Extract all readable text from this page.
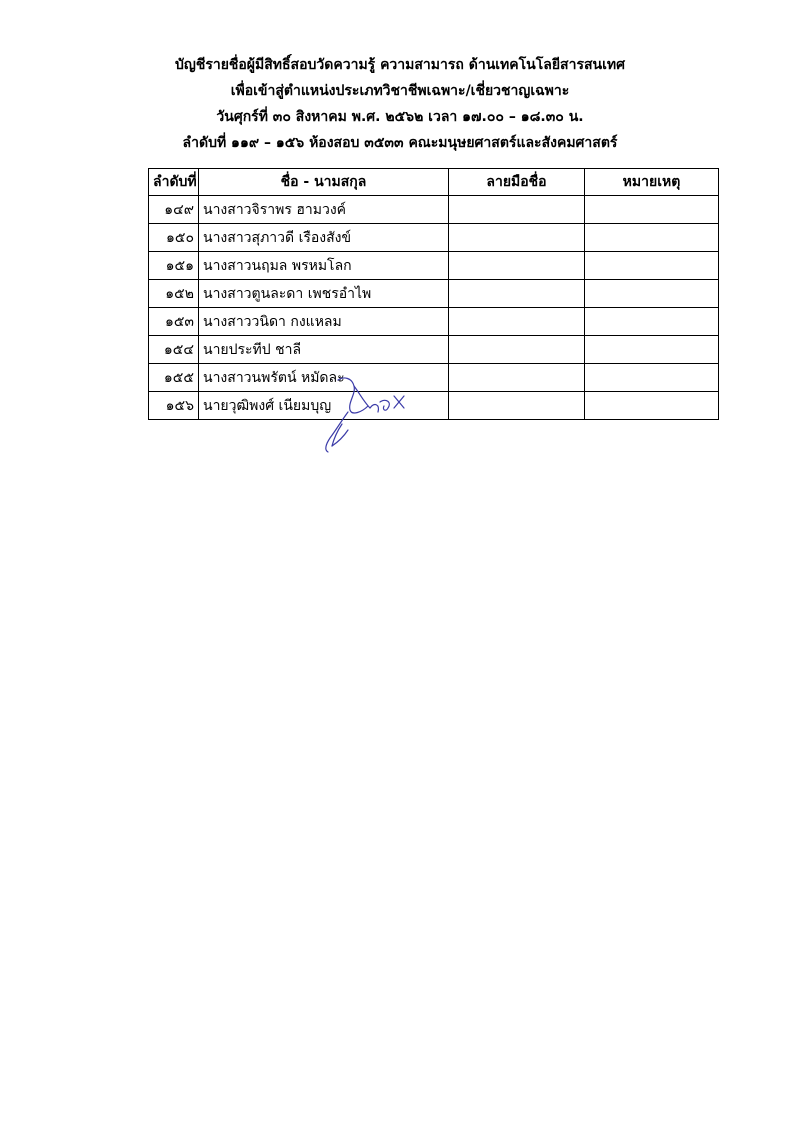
บัญชีรายชื่อผู้มีสิทธิ์สอบวัดความรู้ ความสามารถ ด้านเทคโนโลยีสารสนเทศ
เพื่อเข้าสู่ตำแหน่งประเภทวิชาชีพเฉพาะ/เชี่ยวชาญเฉพาะ
วันศุกร์ที่ ๓๐ สิงหาคม พ.ศ. ๒๕๖๒ เวลา ๑๗.๐๐ – ๑๘.๓๐ น.
ลำดับที่ ๑๑๙ – ๑๕๖ ห้องสอบ ๓๕๓๓ คณะมนุษยศาสตร์และสังคมศาสตร์
ลำดับที่	ชื่อ - นามสกุล	ลายมือชื่อ	หมายเหตุ
๑๔๙	นางสาวจิราพร ฮามวงค์		
๑๕๐	นางสาวสุภาวดี เรืองสังข์		
๑๕๑	นางสาวนฤมล พรหมโลก		
๑๕๒	นางสาวตูนละดา เพชรอำไพ		
๑๕๓	นางสาววนิดา กงแหลม		
๑๕๔	นายประทีป ชาลี		
๑๕๕	นางสาวนพรัตน์ หมัดละ		
๑๕๖	นายวุฒิพงศ์ เนียมบุญ		
